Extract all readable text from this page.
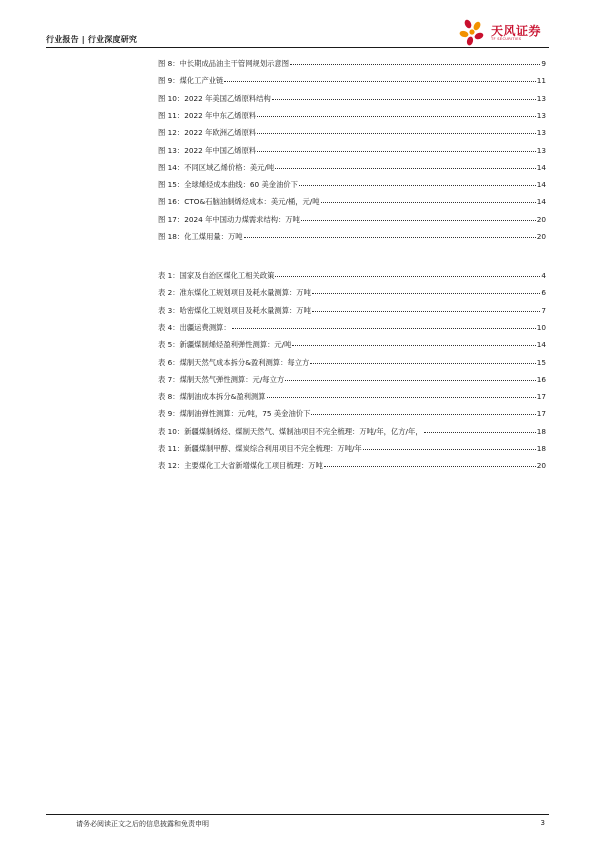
行业报告 | 行业深度研究
天风证券
TF SECURITIES
图 8：中长期成品油主干管网规划示意图	9
图 9：煤化工产业链	11
图 10：2022 年美国乙烯原料结构	13
图 11：2022 年中东乙烯原料	13
图 12：2022 年欧洲乙烯原料	13
图 13：2022 年中国乙烯原料	13
图 14：不同区域乙烯价格：美元/吨	14
图 15：全球烯烃成本曲线：60 美金油价下	14
图 16：CTO&石脑油制烯烃成本：美元/桶，元/吨	14
图 17：2024 年中国动力煤需求结构：万吨	20
图 18：化工煤用量：万吨	20
表 1：国家及自治区煤化工相关政策	4
表 2：准东煤化工规划项目及耗水量测算：万吨	6
表 3：哈密煤化工规划项目及耗水量测算：万吨	7
表 4：出疆运费测算：	10
表 5：新疆煤制烯烃盈利弹性测算：元/吨	14
表 6：煤制天然气成本拆分&盈利测算：每立方	15
表 7：煤制天然气弹性测算：元/每立方	16
表 8：煤制油成本拆分&盈利测算	17
表 9：煤制油弹性测算：元/吨，75 美金油价下	17
表 10：新疆煤制烯烃、煤制天然气、煤制油项目不完全梳理：万吨/年，亿方/年，	18
表 11：新疆煤制甲醇、煤炭综合利用项目不完全梳理：万吨/年	18
表 12：主要煤化工大省新增煤化工项目梳理：万吨	20
请务必阅读正文之后的信息披露和免责申明	3
